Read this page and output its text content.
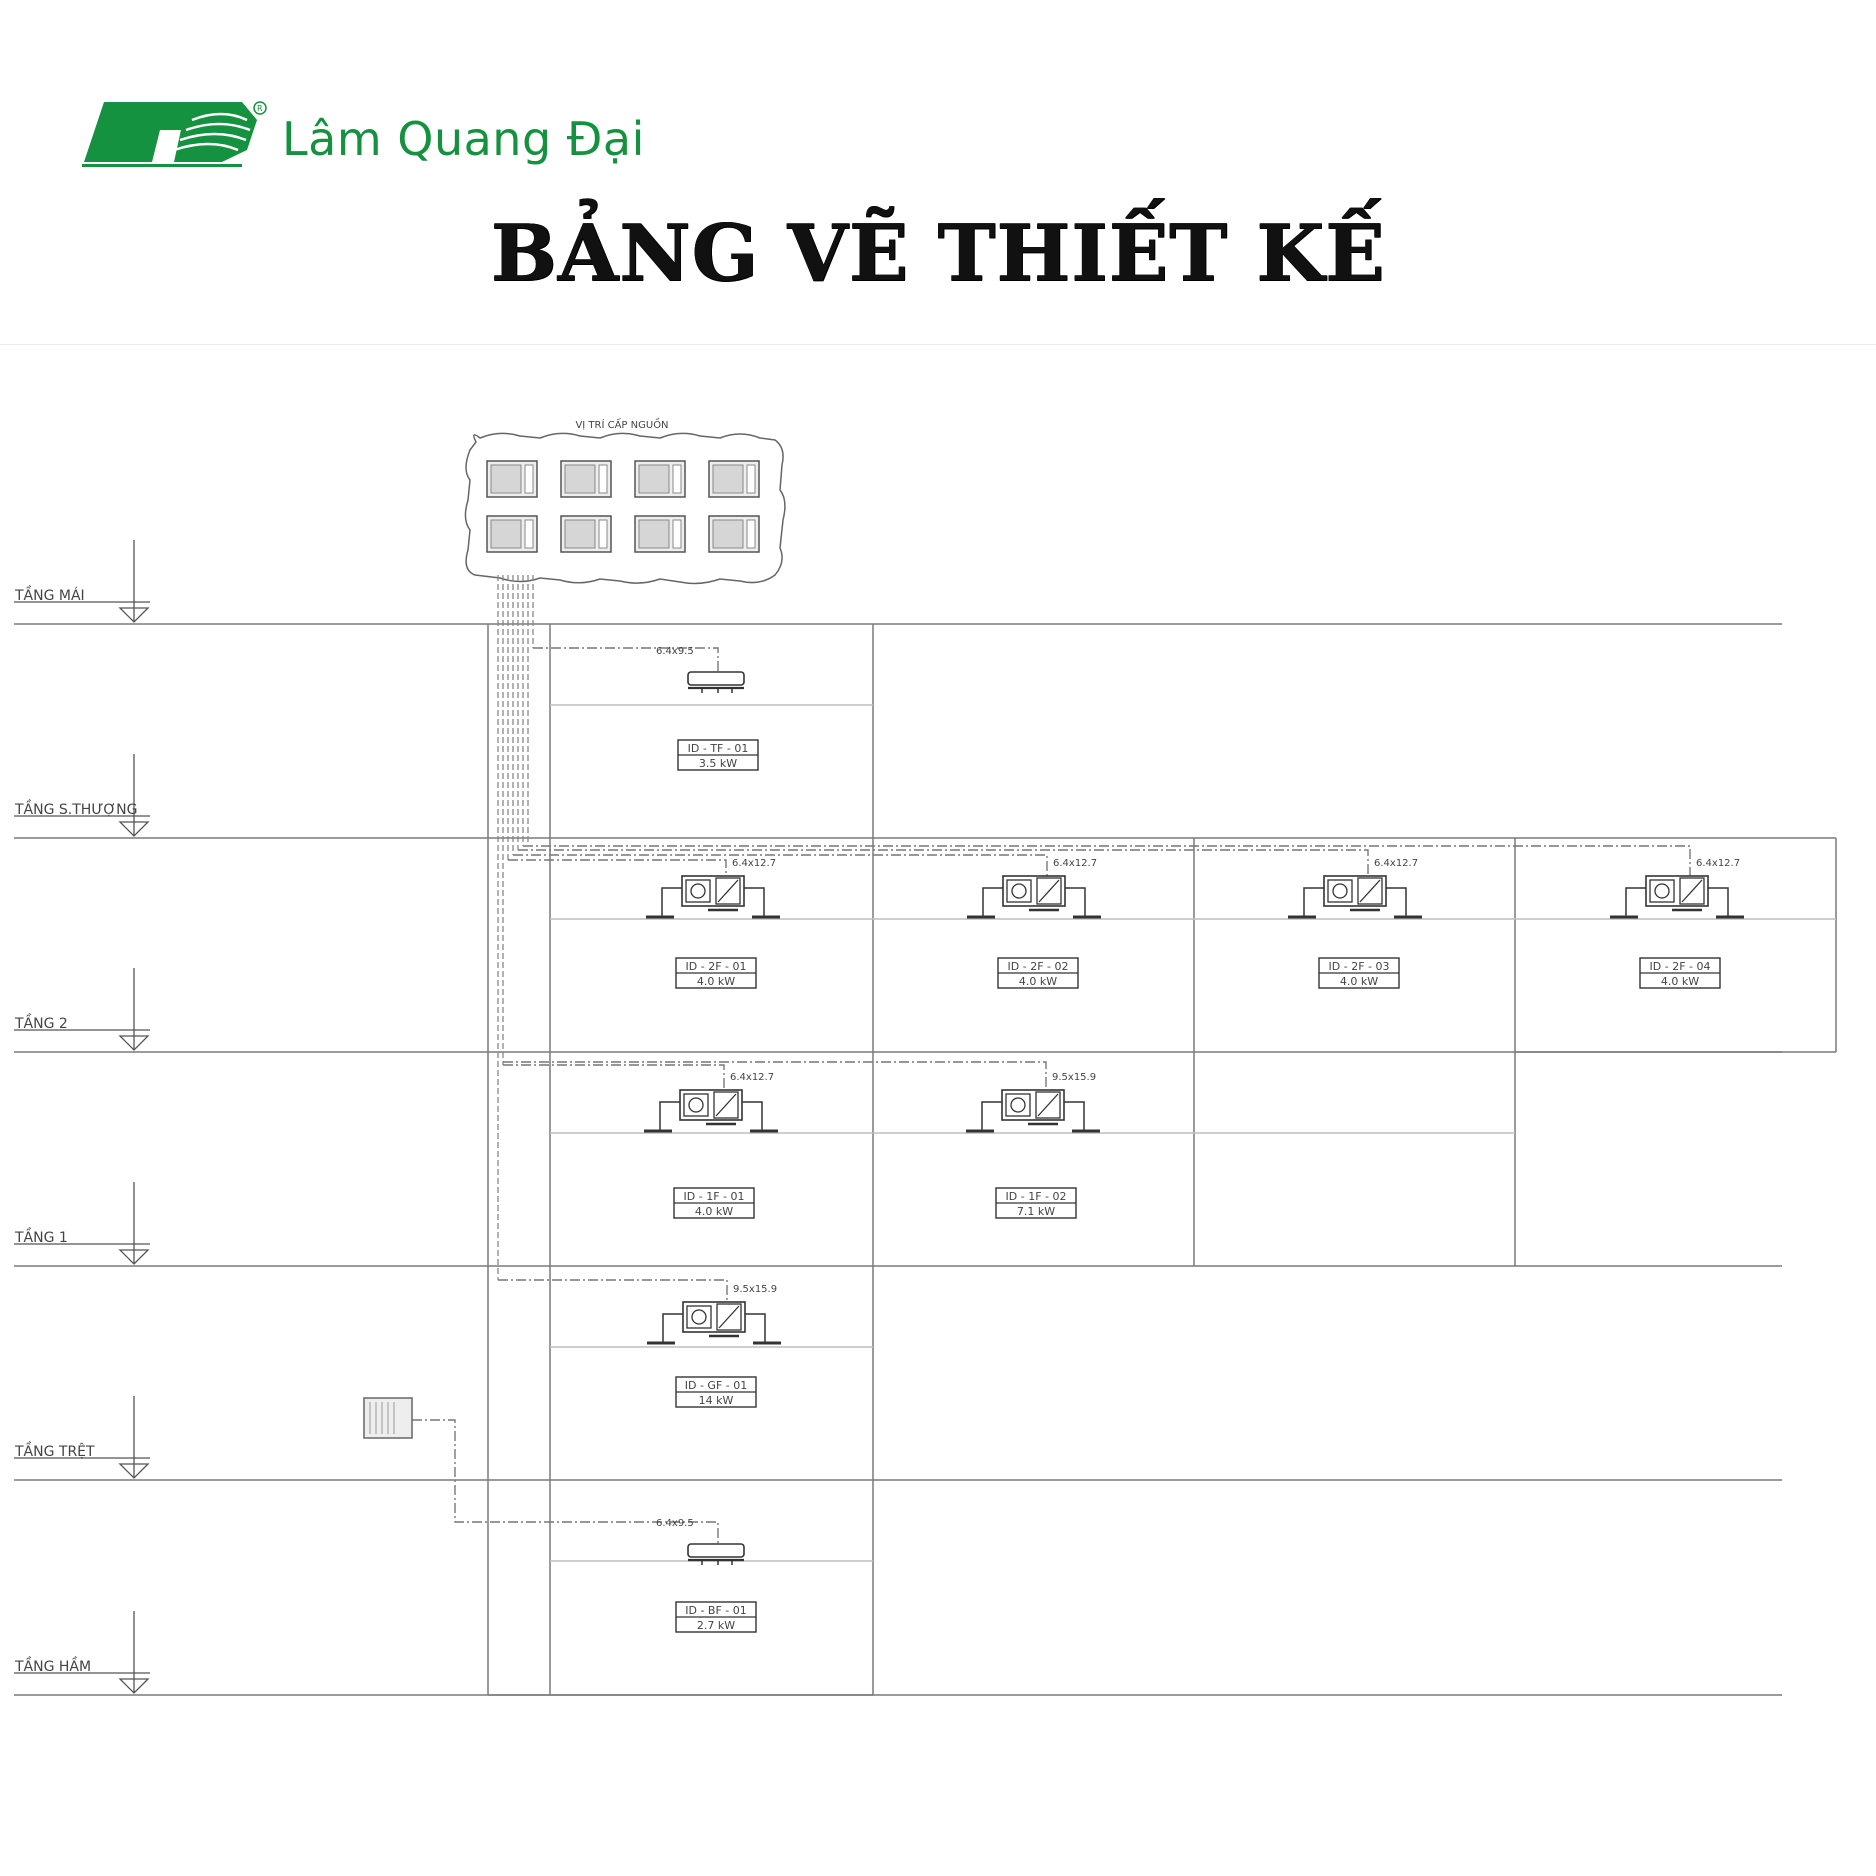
R
Lâm Quang Đại
BẢNG VẼ THIẾT KẾ
TẦNG MÁI
TẦNG S.THƯỢNG
TẦNG 2
TẦNG 1
TẦNG TRỆT
TẦNG HẦM
VỊ TRÍ CẤP NGUỒN
6.4x9.5
ID - TF - 01
3.5 kW
6.4x12.7
ID - 2F - 01
4.0 kW
6.4x12.7
ID - 2F - 02
4.0 kW
6.4x12.7
ID - 2F - 03
4.0 kW
6.4x12.7
ID - 2F - 04
4.0 kW
6.4x12.7
ID - 1F - 01
4.0 kW
9.5x15.9
ID - 1F - 02
7.1 kW
9.5x15.9
ID - GF - 01
14 kW
6.4x9.5
ID - BF - 01
2.7 kW
